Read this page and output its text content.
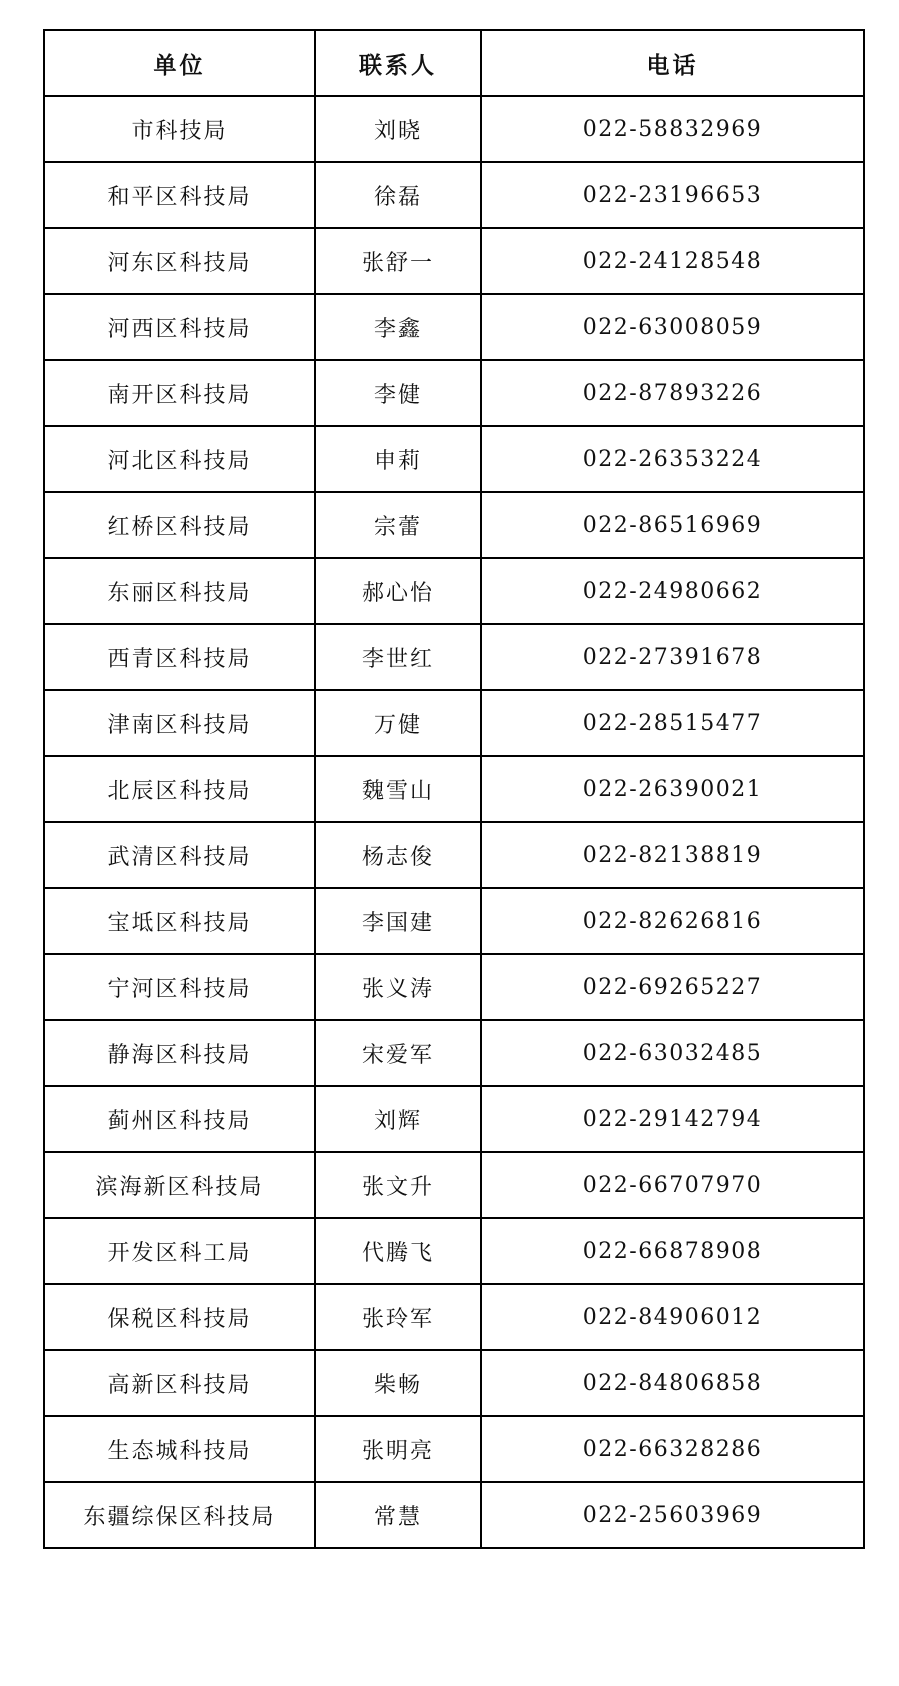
单位	联系人	电话
市科技局	刘晓	022-58832969
和平区科技局	徐磊	022-23196653
河东区科技局	张舒一	022-24128548
河西区科技局	李鑫	022-63008059
南开区科技局	李健	022-87893226
河北区科技局	申莉	022-26353224
红桥区科技局	宗蕾	022-86516969
东丽区科技局	郝心怡	022-24980662
西青区科技局	李世红	022-27391678
津南区科技局	万健	022-28515477
北辰区科技局	魏雪山	022-26390021
武清区科技局	杨志俊	022-82138819
宝坻区科技局	李国建	022-82626816
宁河区科技局	张义涛	022-69265227
静海区科技局	宋爱军	022-63032485
蓟州区科技局	刘辉	022-29142794
滨海新区科技局	张文升	022-66707970
开发区科工局	代腾飞	022-66878908
保税区科技局	张玲军	022-84906012
高新区科技局	柴畅	022-84806858
生态城科技局	张明亮	022-66328286
东疆综保区科技局	常慧	022-25603969
